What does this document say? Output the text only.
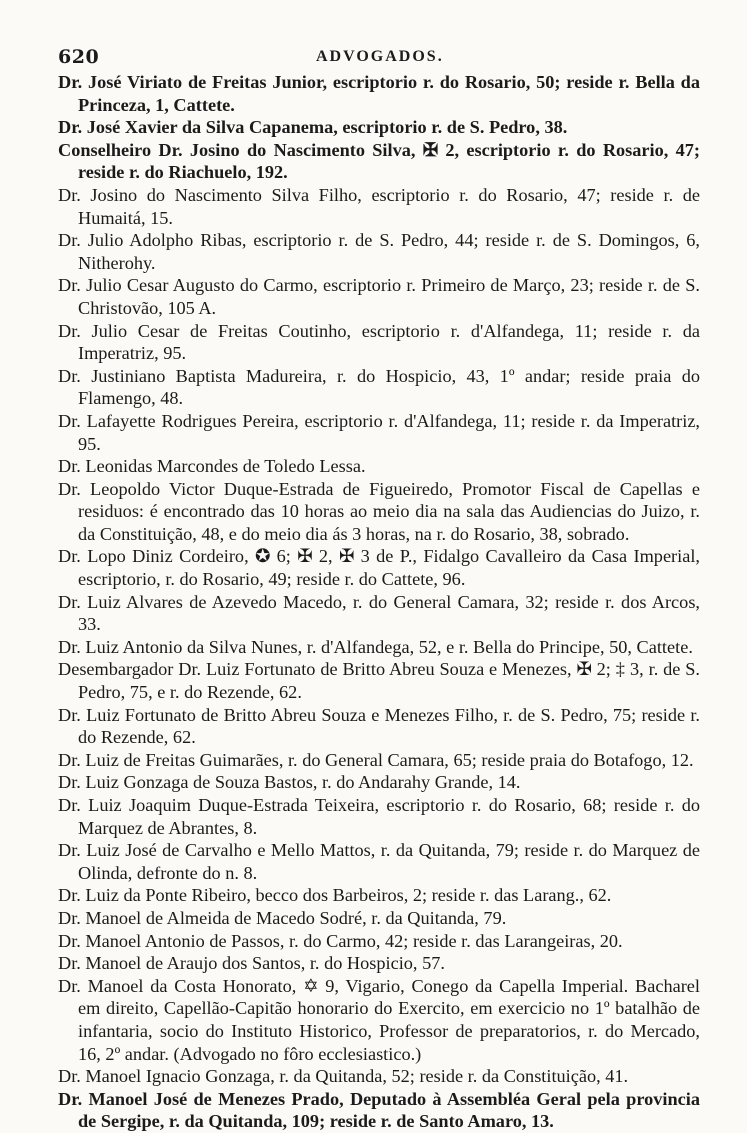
620	ADVOGADOS.

Dr. José Viriato de Freitas Junior, escriptorio r. do Rosario, 50; reside r. Bella da Princeza, 1, Cattete.

Dr. José Xavier da Silva Capanema, escriptorio r. de S. Pedro, 38.

Conselheiro Dr. Josino do Nascimento Silva, ✠ 2, escriptorio r. do Rosario, 47; reside r. do Riachuelo, 192.

Dr. Josino do Nascimento Silva Filho, escriptorio r. do Rosario, 47; reside r. de Humaitá, 15.

Dr. Julio Adolpho Ribas, escriptorio r. de S. Pedro, 44; reside r. de S. Domingos, 6, Nitherohy.

Dr. Julio Cesar Augusto do Carmo, escriptorio r. Primeiro de Março, 23; reside r. de S. Christovão, 105 A.

Dr. Julio Cesar de Freitas Coutinho, escriptorio r. d'Alfandega, 11; reside r. da Imperatriz, 95.

Dr. Justiniano Baptista Madureira, r. do Hospicio, 43, 1º andar; reside praia do Flamengo, 48.

Dr. Lafayette Rodrigues Pereira, escriptorio r. d'Alfandega, 11; reside r. da Imperatriz, 95.

Dr. Leonidas Marcondes de Toledo Lessa.

Dr. Leopoldo Victor Duque-Estrada de Figueiredo, Promotor Fiscal de Capellas e residuos: é encontrado das 10 horas ao meio dia na sala das Audiencias do Juizo, r. da Constituição, 48, e do meio dia ás 3 horas, na r. do Rosario, 38, sobrado.

Dr. Lopo Diniz Cordeiro, ✪ 6; ✠ 2, ✠ 3 de P., Fidalgo Cavalleiro da Casa Imperial, escriptorio, r. do Rosario, 49; reside r. do Cattete, 96.

Dr. Luiz Alvares de Azevedo Macedo, r. do General Camara, 32; reside r. dos Arcos, 33.

Dr. Luiz Antonio da Silva Nunes, r. d'Alfandega, 52, e r. Bella do Principe, 50, Cattete.

Desembargador Dr. Luiz Fortunato de Britto Abreu Souza e Menezes, ✠ 2; ‡ 3, r. de S. Pedro, 75, e r. do Rezende, 62.

Dr. Luiz Fortunato de Britto Abreu Souza e Menezes Filho, r. de S. Pedro, 75; reside r. do Rezende, 62.

Dr. Luiz de Freitas Guimarães, r. do General Camara, 65; reside praia do Botafogo, 12.

Dr. Luiz Gonzaga de Souza Bastos, r. do Andarahy Grande, 14.

Dr. Luiz Joaquim Duque-Estrada Teixeira, escriptorio r. do Rosario, 68; reside r. do Marquez de Abrantes, 8.

Dr. Luiz José de Carvalho e Mello Mattos, r. da Quitanda, 79; reside r. do Marquez de Olinda, defronte do n. 8.

Dr. Luiz da Ponte Ribeiro, becco dos Barbeiros, 2; reside r. das Larang., 62.

Dr. Manoel de Almeida de Macedo Sodré, r. da Quitanda, 79.

Dr. Manoel Antonio de Passos, r. do Carmo, 42; reside r. das Larangeiras, 20.

Dr. Manoel de Araujo dos Santos, r. do Hospicio, 57.

Dr. Manoel da Costa Honorato, ✡ 9, Vigario, Conego da Capella Imperial. Bacharel em direito, Capellão-Capitão honorario do Exercito, em exercicio no 1º batalhão de infantaria, socio do Instituto Historico, Professor de preparatorios, r. do Mercado, 16, 2º andar. (Advogado no fôro ecclesiastico.)

Dr. Manoel Ignacio Gonzaga, r. da Quitanda, 52; reside r. da Constituição, 41.

Dr. Manoel José de Menezes Prado, Deputado à Assembléa Geral pela provincia de Sergipe, r. da Quitanda, 109; reside r. de Santo Amaro, 13.
